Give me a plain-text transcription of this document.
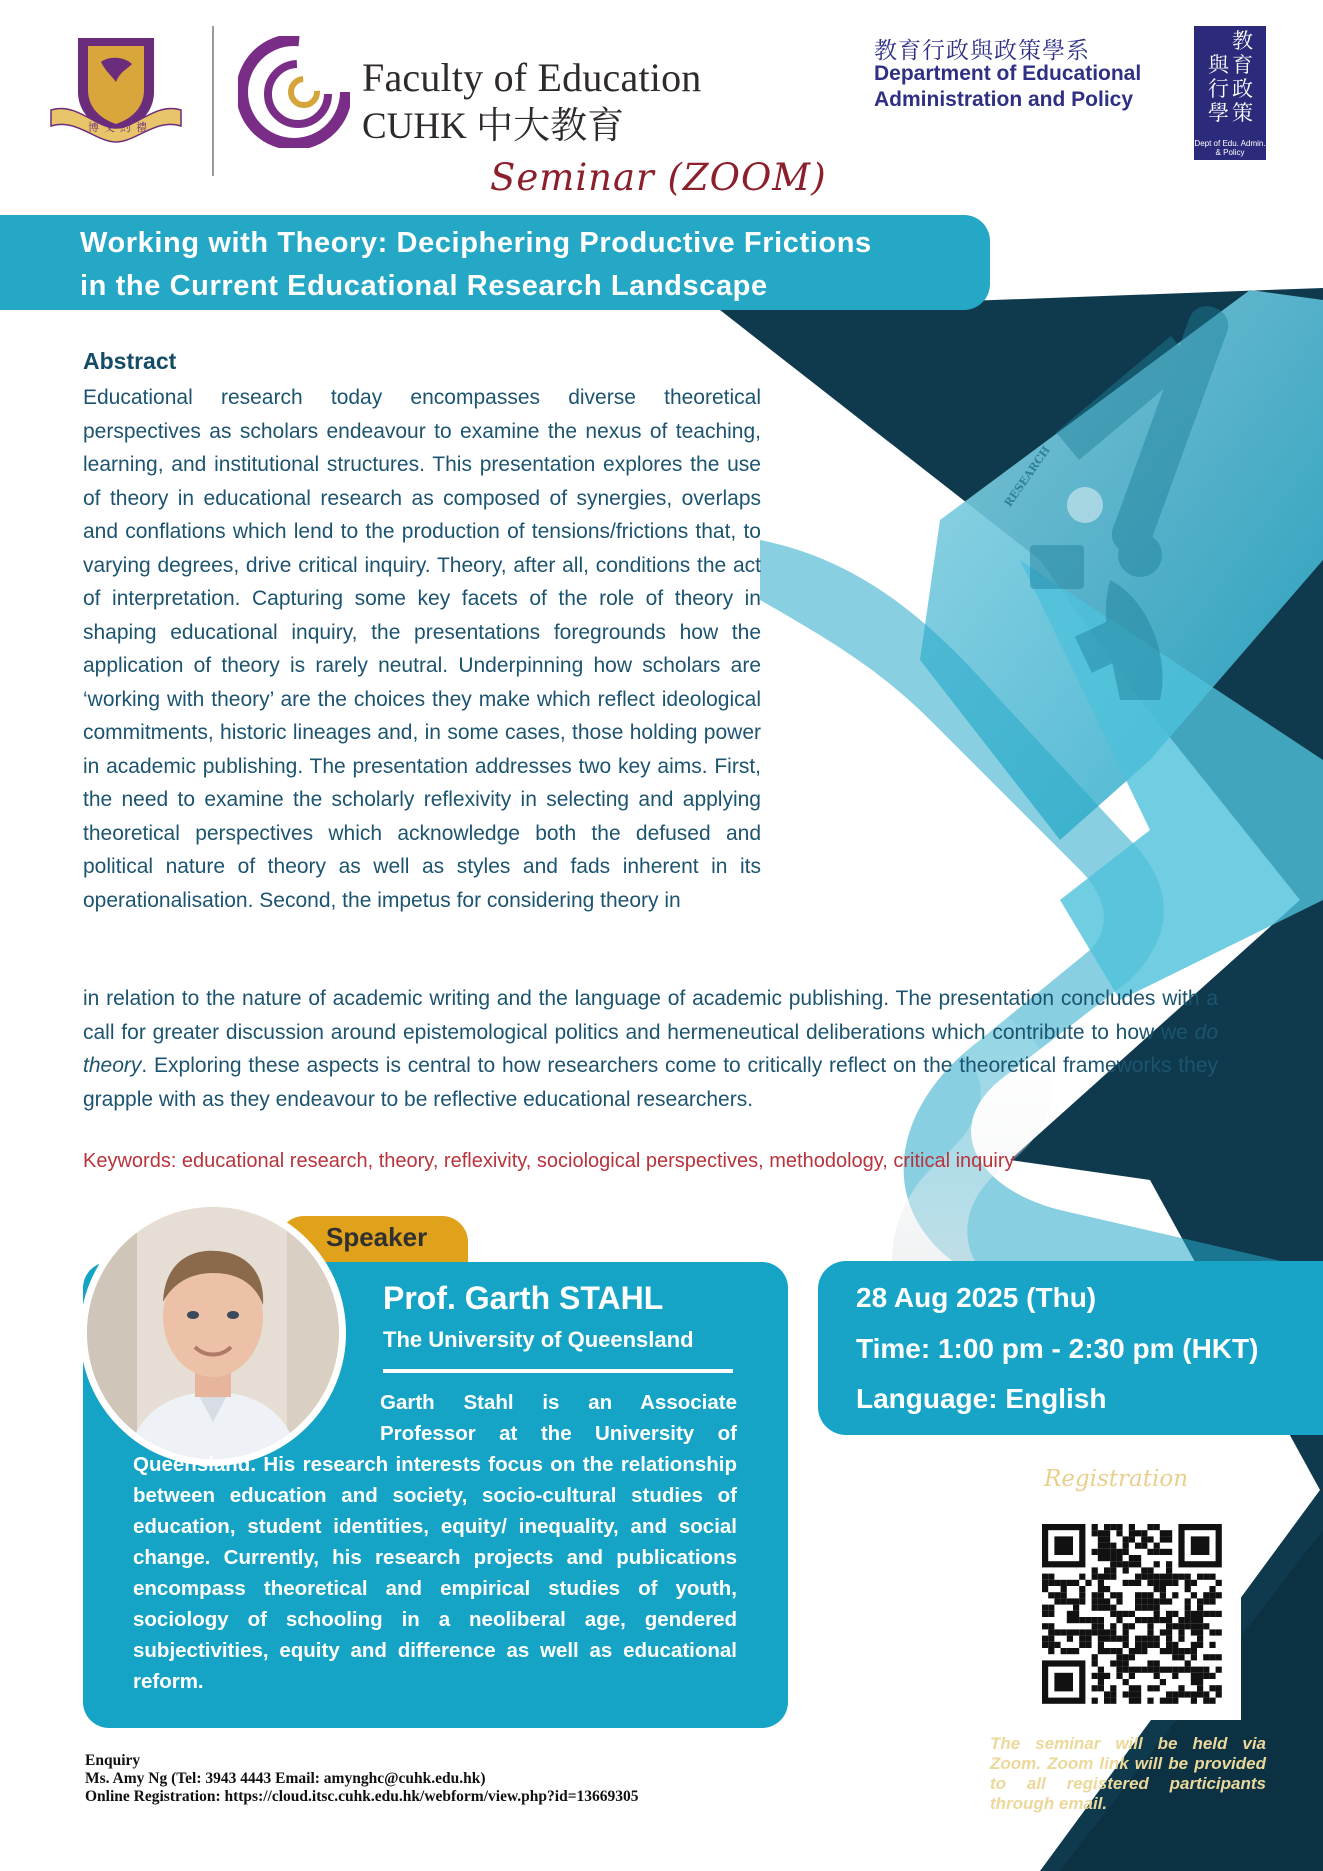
RESEARCH
博文約禮
Faculty of Education
CUHK 中大教育
教育行政與政策學系
Department of Educational
Administration and Policy
教
育
與
政
行
策
學
Dept of Edu. Admin. & Policy
Seminar (ZOOM)
Working with Theory: Deciphering Productive Frictions
in the Current Educational Research Landscape
Abstract
Educational research today encompasses diverse theoretical perspectives as scholars endeavour to examine the nexus of teaching, learning, and institutional structures. This presentation explores the use of theory in educational research as composed of synergies, overlaps and conflations which lend to the production of tensions/frictions that, to varying degrees, drive critical inquiry. Theory, after all, conditions the act of interpretation. Capturing some key facets of the role of theory in shaping educational inquiry, the presentations foregrounds how the application of theory is rarely neutral. Underpinning how scholars are ‘working with theory’ are the choices they make which reflect ideological commitments, historic lineages and, in some cases, those holding power in academic publishing. The presentation addresses two key aims. First, the need to examine the scholarly reflexivity in selecting and applying theoretical perspectives which acknowledge both the defused and political nature of theory as well as styles and fads inherent in its operationalisation. Second, the impetus for considering theory in
in relation to the nature of academic writing and the language of academic publishing. The presentation concludes with a call for greater discussion around epistemological politics and hermeneutical deliberations which contribute to how we do theory. Exploring these aspects is central to how researchers come to critically reflect on the theoretical frameworks they grapple with as they endeavour to be reflective educational researchers.
Keywords: educational research, theory, reflexivity, sociological perspectives, methodology, critical inquiry
Speaker
Prof. Garth STAHL
The University of Queensland
Garth Stahl is an Associate Professor at the University of
Queensland. His research interests focus on the relationship between education and society, socio-cultural studies of education, student identities, equity/ inequality, and social change. Currently, his research projects and publications encompass theoretical and empirical studies of youth, sociology of schooling in a neoliberal age, gendered subjectivities, equity and difference as well as educational reform.
28 Aug 2025 (Thu)
Time: 1:00 pm - 2:30 pm (HKT)
Language: English
Registration
The seminar will be held via Zoom. Zoom link will be provided to all registered participants through email.
Enquiry
Ms. Amy Ng (Tel: 3943 4443 Email: amynghc@cuhk.edu.hk)
Online Registration: https://cloud.itsc.cuhk.edu.hk/webform/view.php?id=13669305
